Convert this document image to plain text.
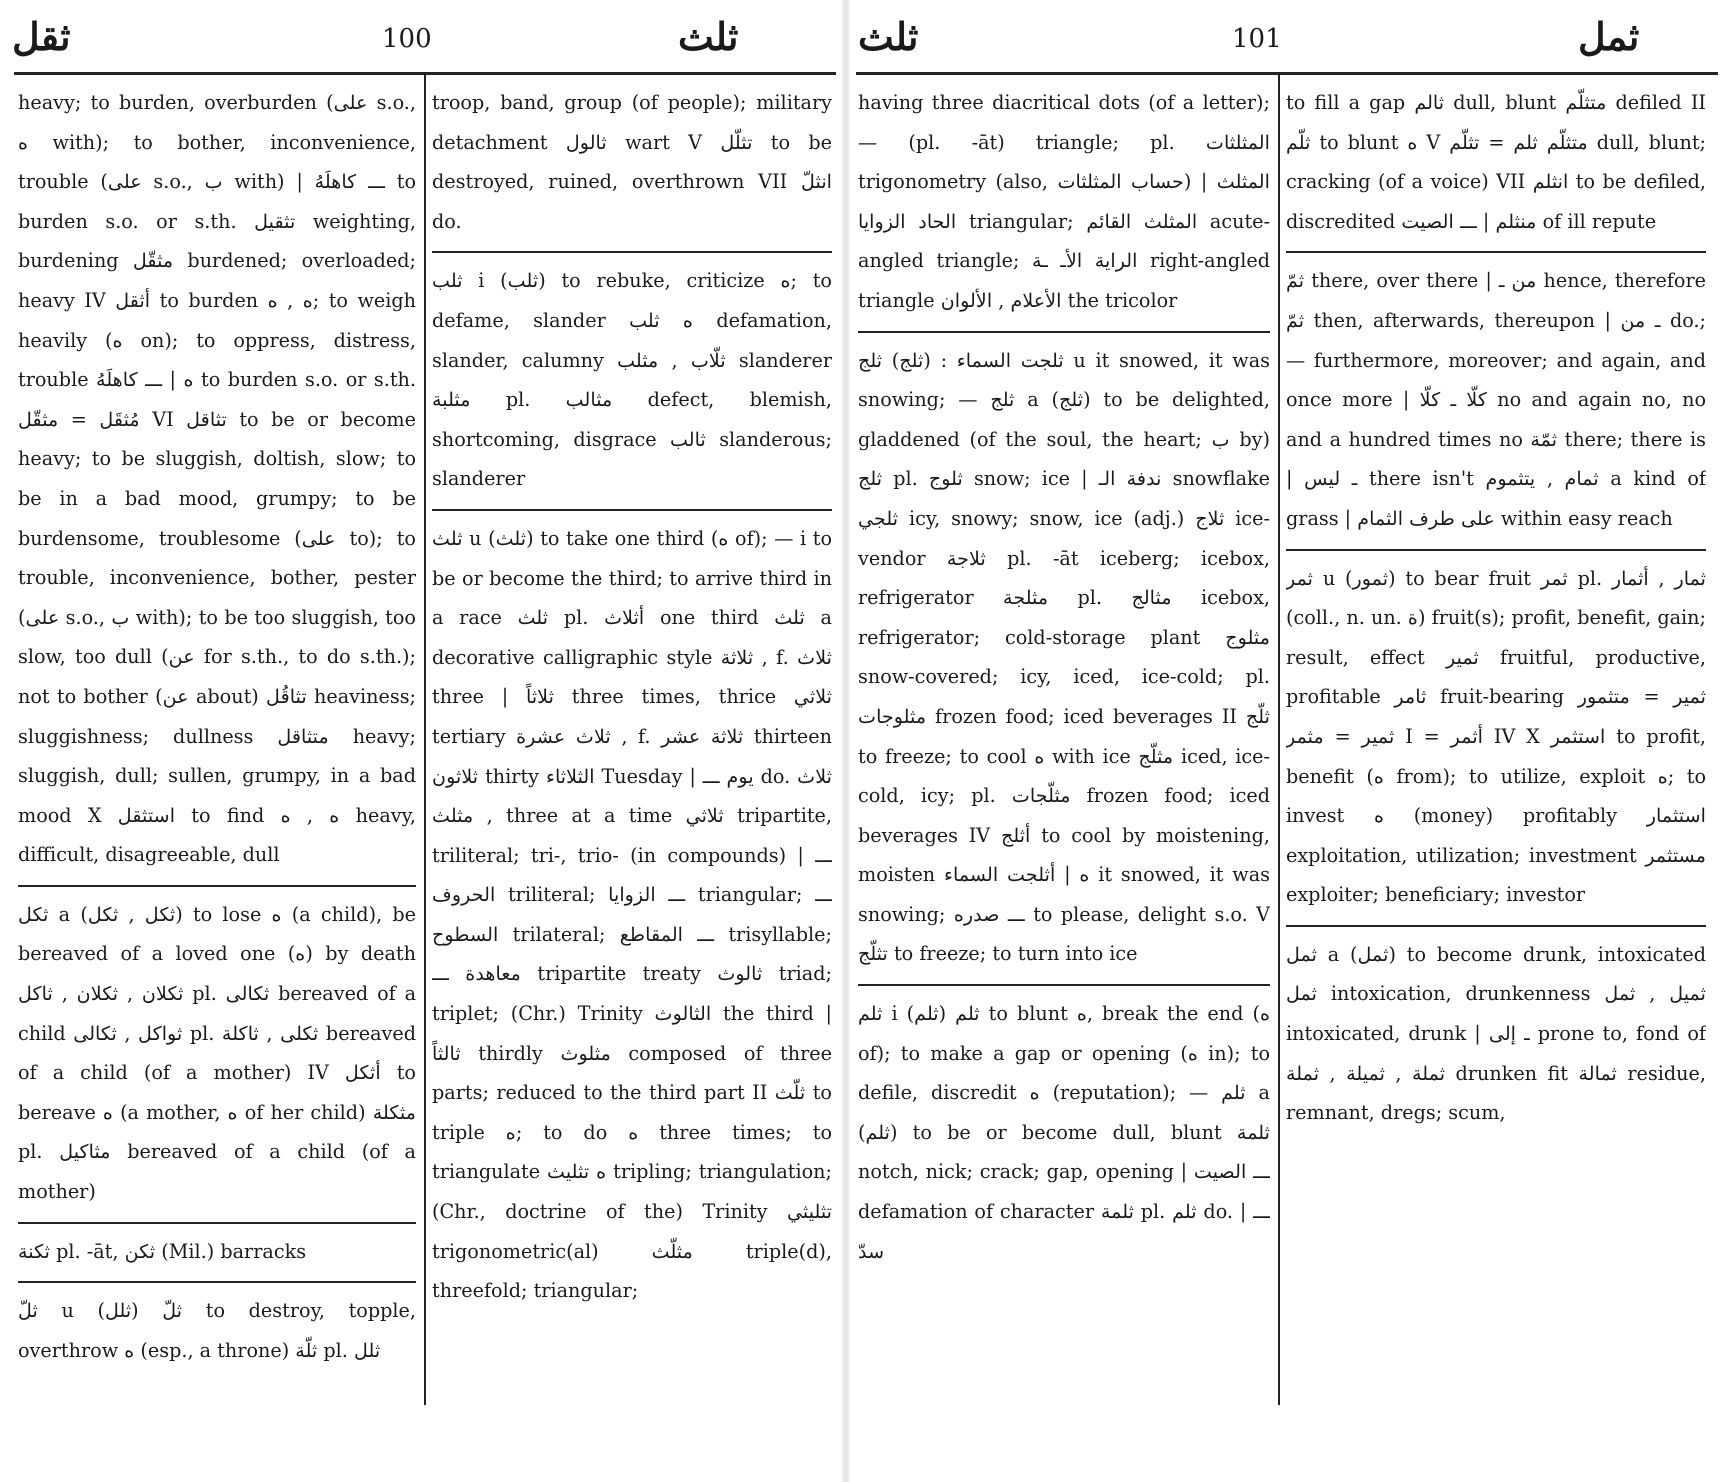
ثقل	100	ثلث

heavy; to burden, overburden (على s.o., ه with); to bother, inconvenience, trouble (على s.o., ب with) | ـــ كاهلَهُ to burden s.o. or s.th. تثقيل weighting, burdening مثقّل burdened; overloaded; heavy IV أثقل to burden ه , ه; to weigh heavily (ه on); to oppress, distress, trouble ه | ـــ كاهلَهُ to burden s.o. or s.th. مُثقَل = مثقّل VI تثاقل to be or become heavy; to be sluggish, doltish, slow; to be in a bad mood, grumpy; to be burdensome, troublesome (على to); to trouble, inconvenience, bother, pester (على s.o., ب with); to be too sluggish, too slow, too dull (عن for s.th., to do s.th.); not to bother (عن about) تثاقُل heaviness; sluggishness; dullness متثاقل heavy; sluggish, dull; sullen, grumpy, in a bad mood X استثقل to find ه , ه heavy, difficult, disagreeable, dull

ثكل a (ثكل , ثكل) to lose ه (a child), be bereaved of a loved one (ه) by death ثكلان , ثكلان , ثاكل pl. ثكالى bereaved of a child ثواكل , ثكالى pl. ثكلى , ثاكلة bereaved of a child (of a mother) IV أثكل to bereave ه (a mother, ه of her child) مثكلة pl. مثاكيل bereaved of a child (of a mother)

ثكنة pl. -āt, ثكن (Mil.) barracks

ثلّ u ثلّ (ثلل) to destroy, topple, overthrow ه (esp., a throne) ثلّة pl. ثلل

troop, band, group (of people); military detachment ثالول wart V تثلّل to be destroyed, ruined, overthrown VII انثلّ do.

ثلب i (ثلب) to rebuke, criticize ه; to defame, slander ه ثلب defamation, slander, calumny ثلّاب , مثلب slanderer مثلبة pl. مثالب defect, blemish, shortcoming, disgrace ثالب slanderous; slanderer

ثلث u (ثلث) to take one third (ه of); — i to be or become the third; to arrive third in a race ثلث pl. أثلاث one third ثلث a decorative calligraphic style ثلاثة , f. ثلاث three | ثلاثاً three times, thrice ثلاثي tertiary ثلاث عشرة , f. ثلاثة عشر thirteen ثلاثون thirty الثلاثاء Tuesday | يوم ـــ do. ثلاث , مثلث three at a time ثلاثي tripartite, triliteral; tri-, trio- (in compounds) | ـــ الحروف triliteral; ـــ الزوايا triangular; ـــ السطوح trilateral; ـــ المقاطع trisyllable; معاهدة ـــ tripartite treaty ثالوث triad; triplet; (Chr.) Trinity الثالوث the third | ثالثاً thirdly مثلوث composed of three parts; reduced to the third part II ثلّث to triple ه; to do ه three times; to triangulate ه تثليث tripling; triangulation; (Chr., doctrine of the) Trinity تثليثي trigonometric(al) مثلّث triple(d), threefold; triangular;

ثلث	101	ثمل

having three diacritical dots (of a letter); — (pl. -āt) triangle; pl. المثلثات trigonometry (also, حساب المثلثات) | المثلث الحاد الزوايا triangular; المثلث القائم acute-angled triangle; الراية الأـ ـة right-angled triangle الأعلام , الألوان the tricolor

ثلجت السماء : (ثلج) ثلج u it snowed, it was snowing; — ثلج a (ثلج) to be delighted, gladdened (of the soul, the heart; ب by) ثلج pl. ثلوج snow; ice | ندفة الـ snowflake ثلجي icy, snowy; snow, ice (adj.) ثلاج ice-vendor ثلاجة pl. -āt iceberg; icebox, refrigerator مثلجة pl. مثالج icebox, refrigerator; cold-storage plant مثلوج snow-covered; icy, iced, ice-cold; pl. مثلوجات frozen food; iced beverages II ثلّج to freeze; to cool ه with ice مثلّج iced, ice-cold, icy; pl. مثلّجات frozen food; iced beverages IV أثلج to cool by moistening, moisten ه | أثلجت السماء it snowed, it was snowing; ـــ صدره to please, delight s.o. V تثلّج to freeze; to turn into ice

ثلم i (ثلم) ثلم to blunt ه, break the end (ه of); to make a gap or opening (ه in); to defile, discredit ه (reputation); — ثلم a (ثلم) to be or become dull, blunt ثلمة notch, nick; crack; gap, opening | ـــ الصيت defamation of character ثلمة pl. ثلم do. | ـــ سدّ

to fill a gap ثالم dull, blunt متثلّم defiled II ثلّم to blunt ه V متثلّم ثلم = تثلّم dull, blunt; cracking (of a voice) VII انثلم to be defiled, discredited منثلم | ـــ الصيت of ill repute

ثمّ there, over there | من ـ hence, therefore ثمّ then, afterwards, thereupon | ـ من do.; — furthermore, moreover; and again, and once more | كلّا ـ كلّا no and again no, no and a hundred times no ثمّة there; there is | ـ ليس there isn't ثمام , يتثموم a kind of grass | على طرف الثمام within easy reach

ثمر u (ثمور) to bear fruit ثمر pl. ثمار , أثمار (coll., n. un. ة) fruit(s); profit, benefit, gain; result, effect ثمير fruitful, productive, profitable ثامر fruit-bearing ثمير = متثمور ثمير = مثمر I = أثمر IV X استثمر to profit, benefit (ه from); to utilize, exploit ه; to invest ه (money) profitably استثمار exploitation, utilization; investment مستثمر exploiter; beneficiary; investor

ثمل a (ثمل) to become drunk, intoxicated ثمل intoxication, drunkenness ثميل , ثمل intoxicated, drunk | ـ إلى prone to, fond of ثملة , ثميلة , ثملة drunken fit ثمالة residue, remnant, dregs; scum,
